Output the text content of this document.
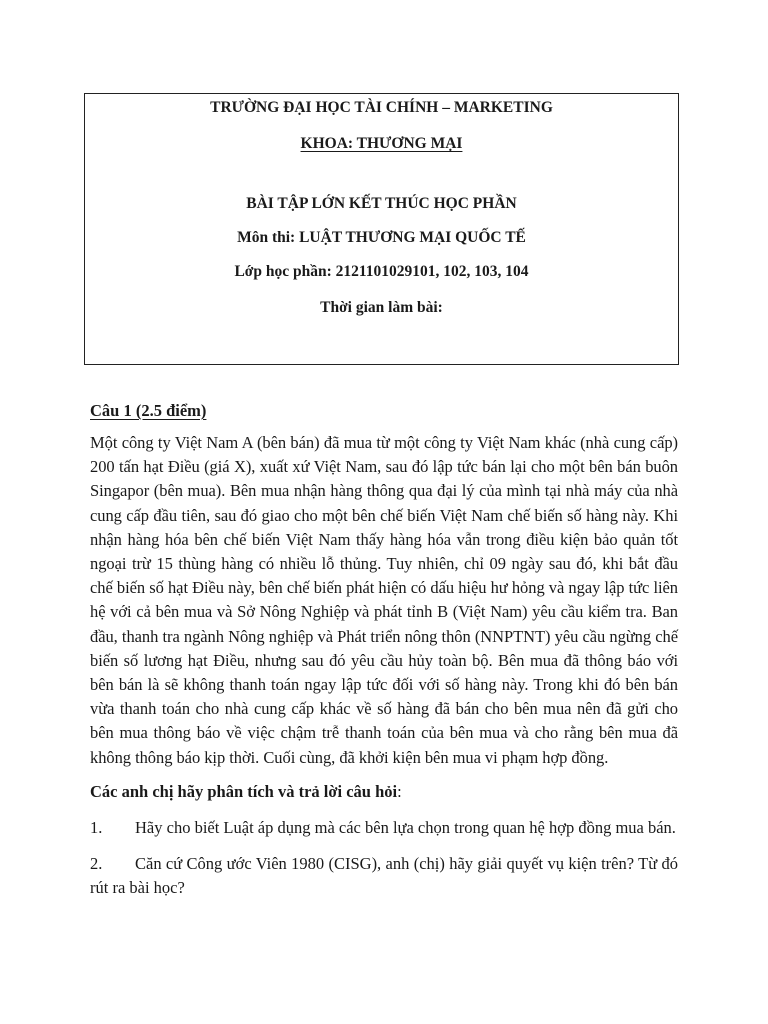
TRƯỜNG ĐẠI HỌC TÀI CHÍNH – MARKETING
KHOA: THƯƠNG MẠI
BÀI TẬP LỚN KẾT THÚC HỌC PHẦN
Môn thi: LUẬT THƯƠNG MẠI QUỐC TẾ
Lớp học phần: 2121101029101, 102, 103, 104
Thời gian làm bài:

Câu 1 (2.5 điểm)

Một công ty Việt Nam A (bên bán) đã mua từ một công ty Việt Nam khác (nhà cung cấp) 200 tấn hạt Điều (giá X), xuất xứ Việt Nam, sau đó lập tức bán lại cho một bên bán buôn Singapor (bên mua). Bên mua nhận hàng thông qua đại lý của mình tại nhà máy của nhà cung cấp đầu tiên, sau đó giao cho một bên chế biến Việt Nam chế biến số hàng này. Khi nhận hàng hóa bên chế biến Việt Nam thấy hàng hóa vẫn trong điều kiện bảo quản tốt ngoại trừ 15 thùng hàng có nhiều lỗ thủng. Tuy nhiên, chỉ 09 ngày sau đó, khi bắt đầu chế biến số hạt Điều này, bên chế biến phát hiện có dấu hiệu hư hỏng và ngay lập tức liên hệ với cả bên mua và Sở Nông Nghiệp và phát tỉnh B (Việt Nam) yêu cầu kiểm tra. Ban đầu, thanh tra ngành Nông nghiệp và Phát triển nông thôn (NNPTNT) yêu cầu ngừng chế biến số lương hạt Điều, nhưng sau đó yêu cầu hủy toàn bộ. Bên mua đã thông báo với bên bán là sẽ không thanh toán ngay lập tức đối với số hàng này. Trong khi đó bên bán vừa thanh toán cho nhà cung cấp khác về số hàng đã bán cho bên mua nên đã gửi cho bên mua thông báo về việc chậm trễ thanh toán của bên mua và cho rằng bên mua đã không thông báo kịp thời. Cuối cùng, đã khởi kiện bên mua vi phạm hợp đồng.

Các anh chị hãy phân tích và trả lời câu hỏi:

1. Hãy cho biết Luật áp dụng mà các bên lựa chọn trong quan hệ hợp đồng mua bán.

2. Căn cứ Công ước Viên 1980 (CISG), anh (chị) hãy giải quyết vụ kiện trên? Từ đó rút ra bài học?
